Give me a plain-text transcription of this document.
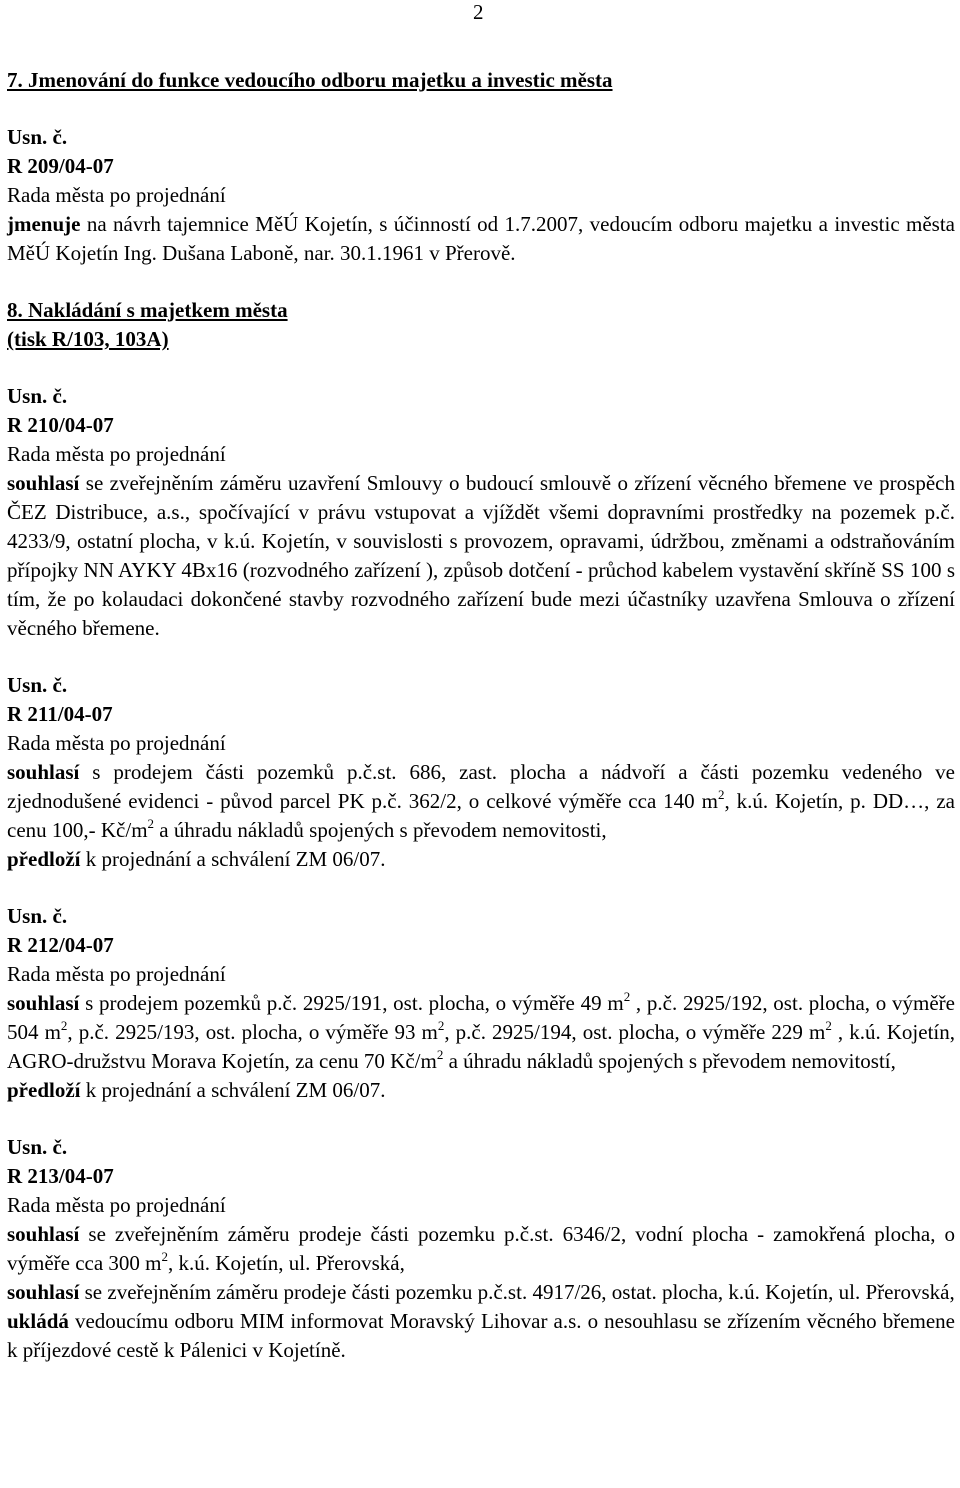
2

7. Jmenování do funkce vedoucího odboru majetku a investic města

Usn. č.

R 209/04-07

Rada města po projednání

jmenuje na návrh tajemnice MěÚ Kojetín, s účinností od 1.7.2007, vedoucím odboru majetku a investic města MěÚ Kojetín Ing. Dušana Laboně, nar. 30.1.1961 v Přerově.

8. Nakládání s majetkem města

(tisk R/103, 103A)

Usn. č.

R 210/04-07

Rada města po projednání

souhlasí se zveřejněním záměru uzavření Smlouvy o budoucí smlouvě o zřízení věcného břemene ve prospěch ČEZ Distribuce, a.s., spočívající v právu vstupovat a vjíždět všemi dopravními prostředky na pozemek p.č. 4233/9, ostatní plocha, v k.ú. Kojetín, v souvislosti s provozem, opravami, údržbou, změnami a odstraňováním přípojky NN AYKY 4Bx16 (rozvodného zařízení ), způsob dotčení - průchod kabelem vystavění skříně SS 100 s tím, že po kolaudaci dokončené stavby rozvodného zařízení bude mezi účastníky uzavřena Smlouva o zřízení věcného břemene.

Usn. č.

R 211/04-07

Rada města po projednání

souhlasí s prodejem části pozemků p.č.st. 686, zast. plocha a nádvoří a části pozemku vedeného ve zjednodušené evidenci - původ parcel PK p.č. 362/2, o celkové výměře cca 140 $m^2$, k.ú. Kojetín, p. DD…, za cenu 100,- $Kč/m^2$ a úhradu nákladů spojených s převodem nemovitosti,

předloží k projednání a schválení ZM 06/07.

Usn. č.

R 212/04-07

Rada města po projednání

souhlasí s prodejem pozemků p.č. 2925/191, ost. plocha, o výměře 49 $m^2$ , p.č. 2925/192, ost. plocha, o výměře 504 $m^2$, p.č. 2925/193, ost. plocha, o výměře 93 $m^2$, p.č. 2925/194, ost. plocha, o výměře 229 $m^2$ , k.ú. Kojetín, AGRO-družstvu Morava Kojetín, za cenu 70 $Kč/m^2$ a úhradu nákladů spojených s převodem nemovitostí,

předloží k projednání a schválení ZM 06/07.

Usn. č.

R 213/04-07

Rada města po projednání

souhlasí se zveřejněním záměru prodeje části pozemku p.č.st. 6346/2, vodní plocha - zamokřená plocha, o výměře cca 300 $m^2$, k.ú. Kojetín, ul. Přerovská,

souhlasí se zveřejněním záměru prodeje části pozemku p.č.st. 4917/26, ostat. plocha, k.ú. Kojetín, ul. Přerovská,

ukládá vedoucímu odboru MIM informovat Moravský Lihovar a.s. o nesouhlasu se zřízením věcného břemene k příjezdové cestě k Pálenici v Kojetíně.
